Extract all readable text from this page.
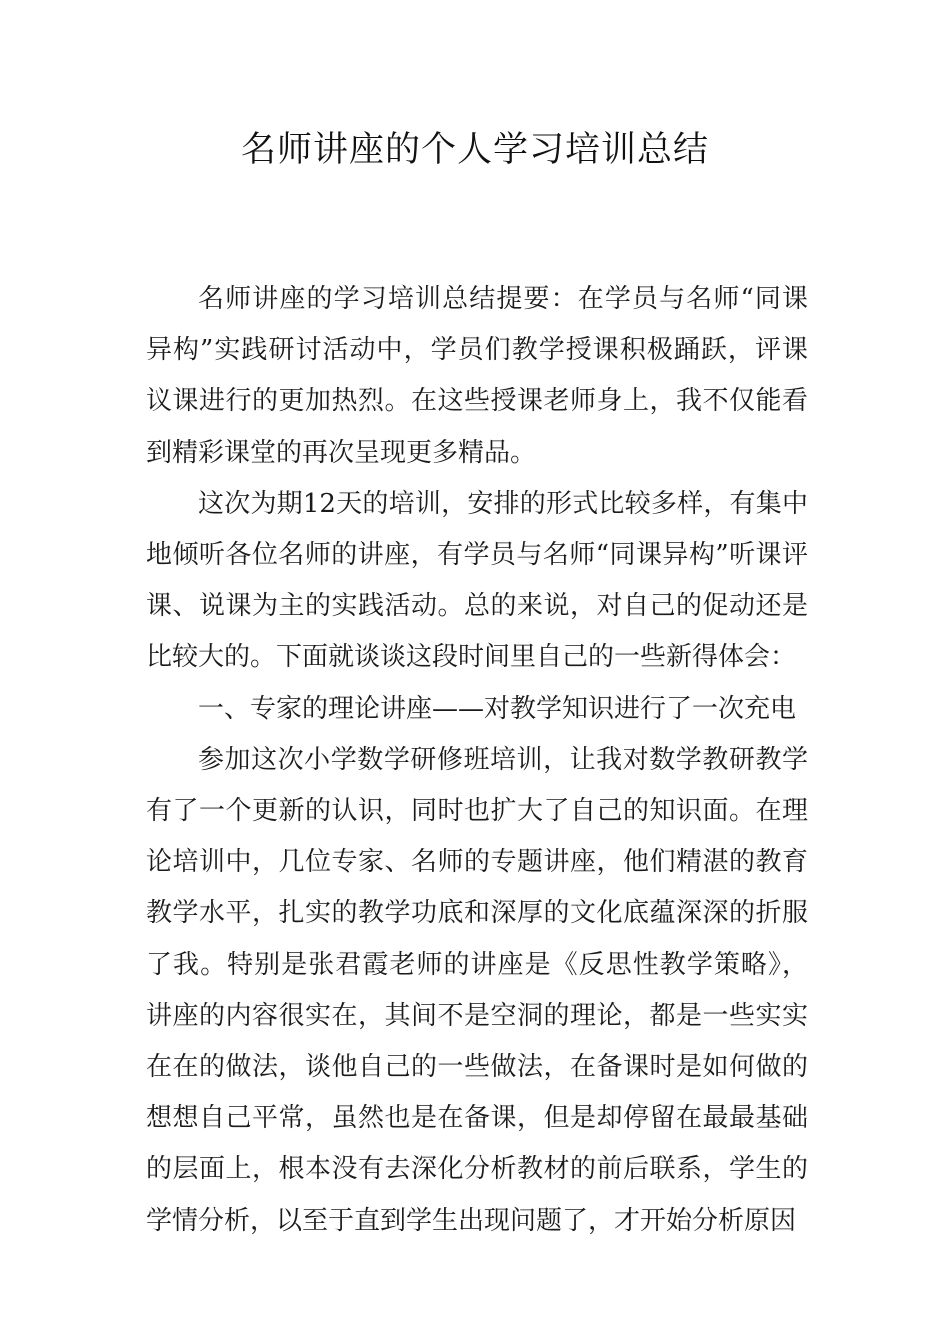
名师讲座的个人学习培训总结

名师讲座的学习培训总结提要：在学员与名师“同课异构”实践研讨活动中，学员们教学授课积极踊跃，评课议课进行的更加热烈。在这些授课老师身上，我不仅能看到精彩课堂的再次呈现更多精品。

这次为期12天的培训，安排的形式比较多样，有集中地倾听各位名师的讲座，有学员与名师“同课异构”听课评课、说课为主的实践活动。总的来说，对自己的促动还是比较大的。下面就谈谈这段时间里自己的一些新得体会：

一、专家的理论讲座——对教学知识进行了一次充电

参加这次小学数学研修班培训，让我对数学教研教学有了一个更新的认识，同时也扩大了自己的知识面。在理论培训中，几位专家、名师的专题讲座，他们精湛的教育教学水平，扎实的教学功底和深厚的文化底蕴深深的折服了我。特别是张君霞老师的讲座是《反思性教学策略》，讲座的内容很实在，其间不是空洞的理论，都是一些实实在在的做法，谈他自己的一些做法，在备课时是如何做的想想自己平常，虽然也是在备课，但是却停留在最最基础的层面上，根本没有去深化分析教材的前后联系，学生的学情分析，以至于直到学生出现问题了，才开始分析原因
